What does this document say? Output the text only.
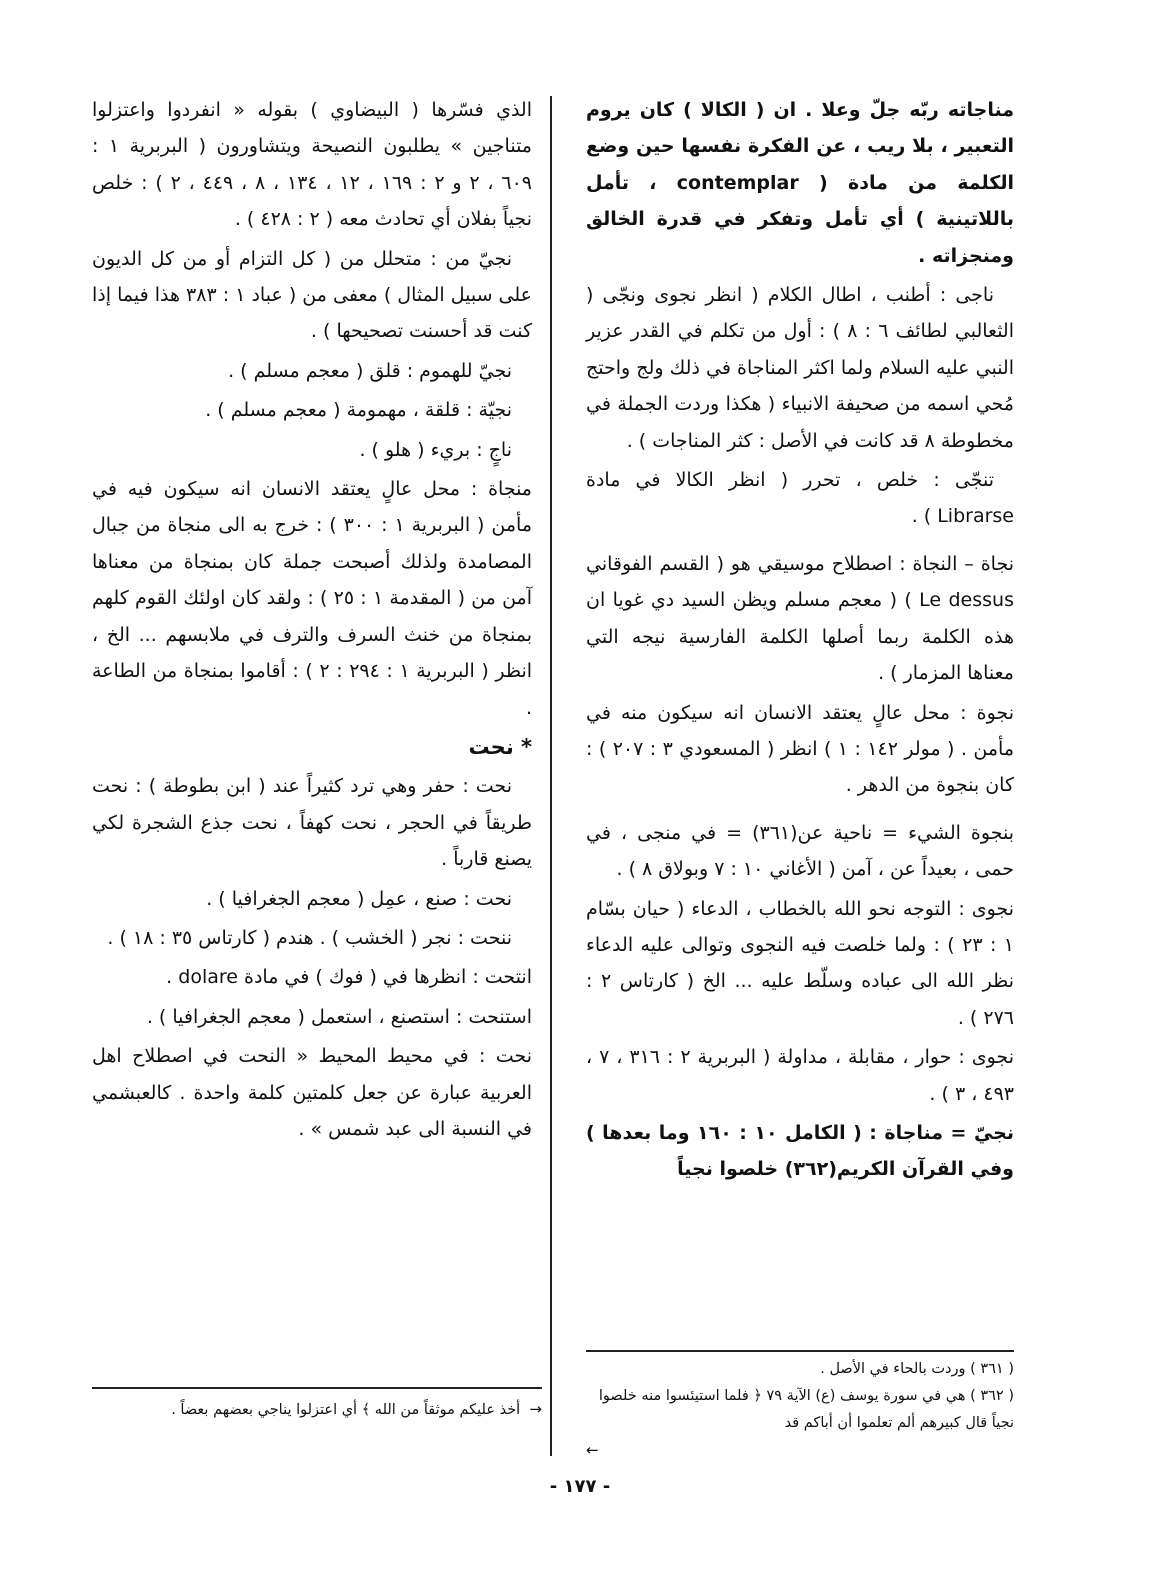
مناجاته ربّه جلّ وعلا . ان ( الكالا ) كان يروم التعبير ، بلا ريب ، عن الفكرة نفسها حين وضع الكلمة من مادة ( contemplar ، تأمل باللاتينية ) أي تأمل وتفكر في قدرة الخالق ومنجزاته .

ناجى : أطنب ، اطال الكلام ( انظر نجوى ونجّى ( الثعالبي لطائف ٦ : ٨ ) : أول من تكلم في القدر عزير النبي عليه السلام ولما اكثر المناجاة في ذلك ولج واحتج مُحي اسمه من صحيفة الانبياء ( هكذا وردت الجملة في مخطوطة ٨ قد كانت في الأصل : كثر المناجات ) .

تنجّى : خلص ، تحرر ( انظر الكالا في مادة Librarse ) .

نجاة – النجاة : اصطلاح موسيقي هو ( القسم الفوقاني Le dessus ) ( معجم مسلم ويظن السيد دي غويا ان هذه الكلمة ربما أصلها الكلمة الفارسية نيجه التي معناها المزمار ) .

نجوة : محل عالٍ يعتقد الانسان انه سيكون منه في مأمن . ( مولر ١٤٢ : ١ ) انظر ( المسعودي ٣ : ٢٠٧ ) : كان بنجوة من الدهر .

بنجوة الشيء = ناحية عن(٣٦١) = في منجى ، في حمى ، بعيداً عن ، آمن ( الأغاني ١٠ : ٧ وبولاق ٨ ) .

نجوى : التوجه نحو الله بالخطاب ، الدعاء ( حيان بسّام ١ : ٢٣ ) : ولما خلصت فيه النجوى وتوالى عليه الدعاء نظر الله الى عباده وسلّط عليه ... الخ ( كارتاس ٢ : ٢٧٦ ) .

نجوى : حوار ، مقابلة ، مداولة ( البربرية ٢ : ٣١٦ ، ٧ ، ٤٩٣ ، ٣ ) .

نجيّ = مناجاة : ( الكامل ١٠ : ١٦٠ وما بعدها ) وفي القرآن الكريم(٣٦٢) خلصوا نجياً

الذي فسّرها ( البيضاوي ) بقوله « انفردوا واعتزلوا متناجين » يطلبون النصيحة ويتشاورون ( البربرية ١ : ٦٠٩ ، ٢ و ٢ : ١٦٩ ، ١٢ ، ١٣٤ ، ٨ ، ٤٤٩ ، ٢ ) : خلص نجياً بفلان أي تحادث معه ( ٢ : ٤٢٨ ) .

نجيّ من : متحلل من ( كل التزام أو من كل الديون على سبيل المثال ) معفى من ( عباد ١ : ٣٨٣ هذا فيما إذا كنت قد أحسنت تصحيحها ) .

نجيّ للهموم : قلق ( معجم مسلم ) .

نجيّة : قلقة ، مهمومة ( معجم مسلم ) .

ناجٍ : بريء ( هلو ) .

منجاة : محل عالٍ يعتقد الانسان انه سيكون فيه في مأمن ( البربرية ١ : ٣٠٠ ) : خرج به الى منجاة من جبال المصامدة ولذلك أصبحت جملة كان بمنجاة من معناها آمن من ( المقدمة ١ : ٢٥ ) : ولقد كان اولئك القوم كلهم بمنجاة من خنث السرف والترف في ملابسهم ... الخ ، انظر ( البربرية ١ : ٢٩٤ : ٢ ) : أقاموا بمنجاة من الطاعة .

* نحت

نحت : حفر وهي ترد كثيراً عند ( ابن بطوطة ) : نحت طريقاً في الحجر ، نحت كهفاً ، نحت جذع الشجرة لكي يصنع قارباً .

نحت : صنع ، عمِل ( معجم الجغرافيا ) .

ننحت : نجر ( الخشب ) . هندم ( كارتاس ٣٥ : ١٨ ) .

انتحت : انظرها في ( فوك ) في مادة dolare .

استنحت : استصنع ، استعمل ( معجم الجغرافيا ) .

نحت : في محيط المحيط « النحت في اصطلاح اهل العربية عبارة عن جعل كلمتين كلمة واحدة . كالعبشمي في النسبة الى عبد شمس » .

( ٣٦١ ) وردت بالحاء في الأصل .

( ٣٦٢ ) هي في سورة يوسف (ع) الآية ٧٩ ﴿ فلما استيئسوا منه خلصوا نجياً قال كبيرهم ألم تعلموا أن أباكم قد

←

→  أخذ عليكم موثقاً من الله ﴾ أي اعتزلوا يناجي بعضهم بعضاً .

- ١٧٧ -
